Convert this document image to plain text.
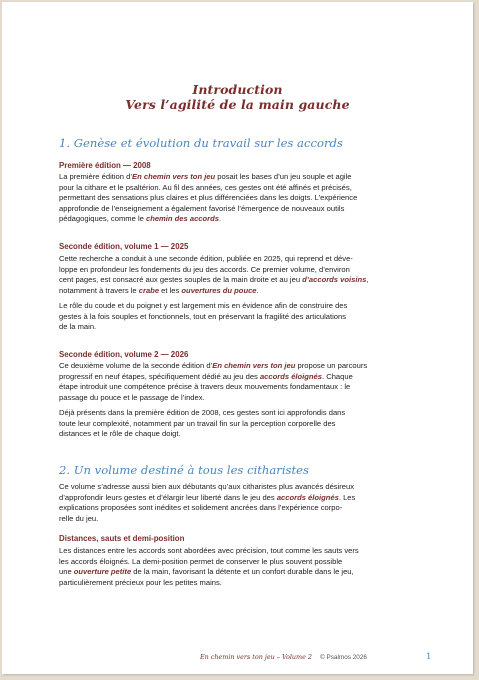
Introduction
Vers l’agilité de la main gauche
1. Genèse et évolution du travail sur les accords
Première édition — 2008
La première édition d’En chemin vers ton jeu posait les bases d’un jeu souple et agile
pour la cithare et le psaltérion. Au fil des années, ces gestes ont été affinés et précisés,
permettant des sensations plus claires et plus différenciées dans les doigts. L’expérience
approfondie de l’enseignement a également favorisé l’émergence de nouveaux outils
pédagogiques, comme le chemin des accords.
Seconde édition, volume 1 — 2025
Cette recherche a conduit à une seconde édition, publiée en 2025, qui reprend et déve-
loppe en profondeur les fondements du jeu des accords. Ce premier volume, d’environ
cent pages, est consacré aux gestes souples de la main droite et au jeu d’accords voisins,
notamment à travers le crabe et les ouvertures du pouce.
Le rôle du coude et du poignet y est largement mis en évidence afin de construire des
gestes à la fois souples et fonctionnels, tout en préservant la fragilité des articulations
de la main.
Seconde édition, volume 2 — 2026
Ce deuxième volume de la seconde édition d’En chemin vers ton jeu propose un parcours
progressif en neuf étapes, spécifiquement dédié au jeu des accords éloignés. Chaque
étape introduit une compétence précise à travers deux mouvements fondamentaux : le
passage du pouce et le passage de l’index.
Déjà présents dans la première édition de 2008, ces gestes sont ici approfondis dans
toute leur complexité, notamment par un travail fin sur la perception corporelle des
distances et le rôle de chaque doigt.
2. Un volume destiné à tous les citharistes
Ce volume s’adresse aussi bien aux débutants qu’aux citharistes plus avancés désireux
d’approfondir leurs gestes et d’élargir leur liberté dans le jeu des accords éloignés. Les
explications proposées sont inédites et solidement ancrées dans l’expérience corpo-
relle du jeu.
Distances, sauts et demi-position
Les distances entre les accords sont abordées avec précision, tout comme les sauts vers
les accords éloignés. La demi-position permet de conserver le plus souvent possible
une ouverture petite de la main, favorisant la détente et un confort durable dans le jeu,
particulièrement précieux pour les petites mains.
En chemin vers ton jeu – Volume 2 © Psalmos 2026	1
